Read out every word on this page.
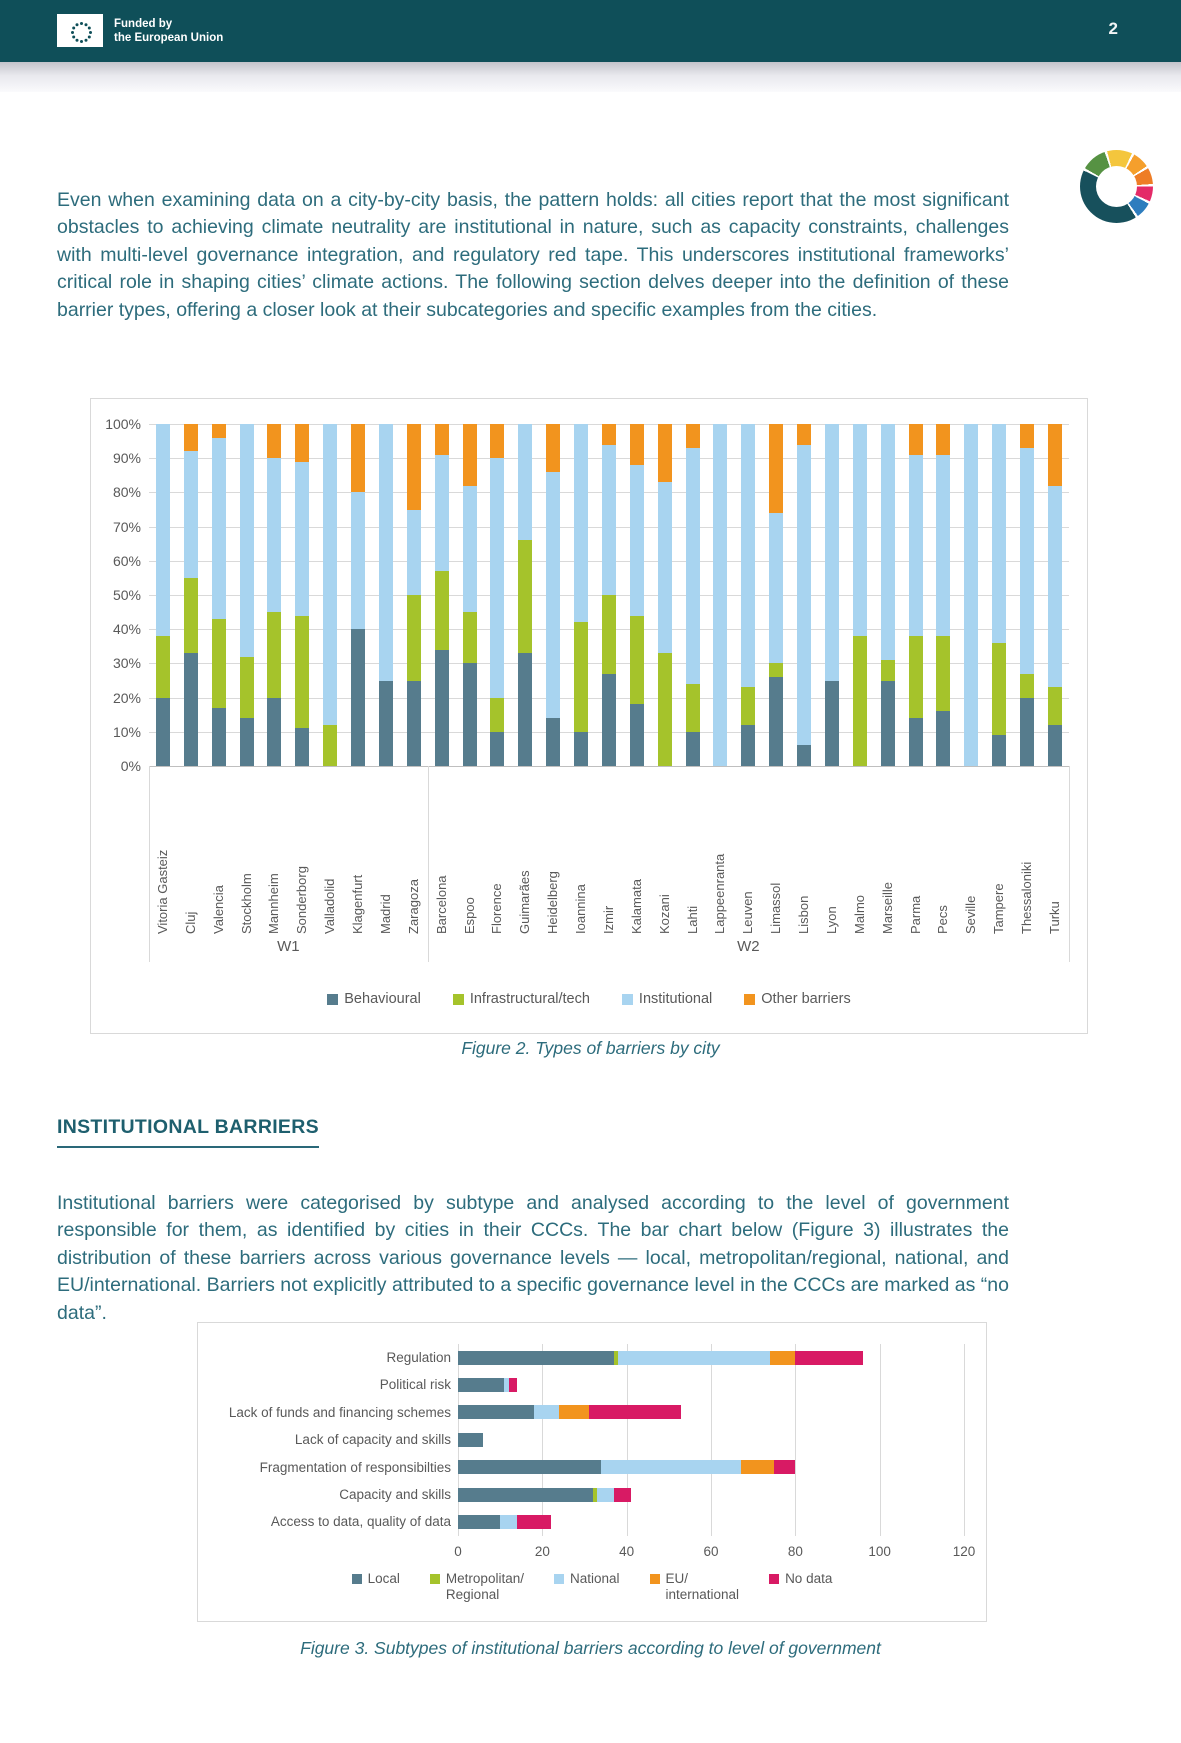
Funded by
the European Union	2

Even when examining data on a city-by-city basis, the pattern holds: all cities report that the most significant obstacles to achieving climate neutrality are institutional in nature, such as capacity constraints, challenges with multi-level governance integration, and regulatory red tape. This underscores institutional frameworks’ critical role in shaping cities’ climate actions. The following section delves deeper into the definition of these barrier types, offering a closer look at their subcategories and specific examples from the cities.

100%
90%
80%
70%
60%
50%
40%
30%
20%
10%
0%
Vitoria Gasteiz Cluj Valencia Stockholm Mannheim Sonderborg Valladolid Klagenfurt Madrid Zaragoza Barcelona Espoo Florence Guimarães Heidelberg Ioannina Izmir Kalamata Kozani Lahti Lappeenranta Leuven Limassol Lisbon Lyon Malmo Marseille Parma Pecs Seville Tampere Thessaloniki Turku
W1	W2
Behavioural	Infrastructural/tech	Institutional	Other barriers
Figure 2. Types of barriers by city
INSTITUTIONAL BARRIERS

Institutional barriers were categorised by subtype and analysed according to the level of government responsible for them, as identified by cities in their CCCs. The bar chart below (Figure 3) illustrates the distribution of these barriers across various governance levels — local, metropolitan/regional, national, and EU/international. Barriers not explicitly attributed to a specific governance level in the CCCs are marked as “no data”.

Local	Metropolitan/
Regional
National	EU/
international
No data
0	20	40	60	80	100	120
Regulation
Political risk
Lack of funds and financing schemes
Lack of capacity and skills
Fragmentation of responsibilties
Capacity and skills
Access to data, quality of data
Figure 3. Subtypes of institutional barriers according to level of government
